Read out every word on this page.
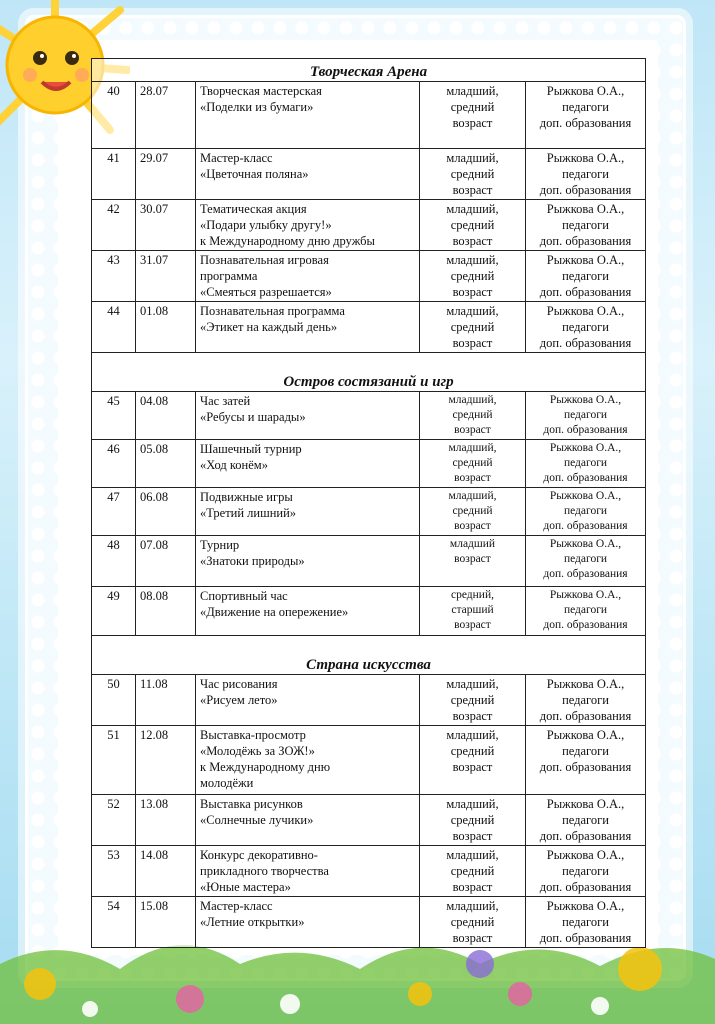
Творческая Арена				
40	28.07	Творческая мастерская
«Поделки из бумаги»	младший,
средний
возраст	Рыжкова О.А.,
педагоги
доп. образования

41	29.07	Мастер-класс
«Цветочная поляна»	младший,
средний
возраст	Рыжкова О.А.,
педагоги
доп. образования

42	30.07	Тематическая акция
«Подари улыбку другу!»
к Международному дню дружбы	младший,
средний
возраст	Рыжкова О.А.,
педагоги
доп. образования

43	31.07	Познавательная игровая
программа
«Смеяться разрешается»	младший,
средний
возраст	Рыжкова О.А.,
педагоги
доп. образования

44	01.08	Познавательная программа
«Этикет на каждый день»	младший,
средний
возраст	Рыжкова О.А.,
педагоги
доп. образования

Остров состязаний и игр				
45	04.08	Час затей
«Ребусы и шарады»	младший,
средний
возраст	Рыжкова О.А.,
педагоги
доп. образования

46	05.08	Шашечный турнир
«Ход конём»	младший,
средний
возраст	Рыжкова О.А.,
педагоги
доп. образования

47	06.08	Подвижные игры
«Третий лишний»	младший,
средний
возраст	Рыжкова О.А.,
педагоги
доп. образования

48	07.08	Турнир
«Знатоки природы»	младший
возраст	Рыжкова О.А.,
педагоги
доп. образования

49	08.08	Спортивный час
«Движение на опережение»	средний,
старший
возраст	Рыжкова О.А.,
педагоги
доп. образования

Страна искусства				
50	11.08	Час рисования
«Рисуем лето»	младший,
средний
возраст	Рыжкова О.А.,
педагоги
доп. образования

51	12.08	Выставка-просмотр
«Молодёжь за ЗОЖ!»
к Международному дню
молодёжи	младший,
средний
возраст	Рыжкова О.А.,
педагоги
доп. образования

52	13.08	Выставка рисунков
«Солнечные лучики»	младший,
средний
возраст	Рыжкова О.А.,
педагоги
доп. образования

53	14.08	Конкурс декоративно-
прикладного творчества
«Юные мастера»	младший,
средний
возраст	Рыжкова О.А.,
педагоги
доп. образования

54	15.08	Мастер-класс
«Летние открытки»	младший,
средний
возраст	Рыжкова О.А.,
педагоги
доп. образования
